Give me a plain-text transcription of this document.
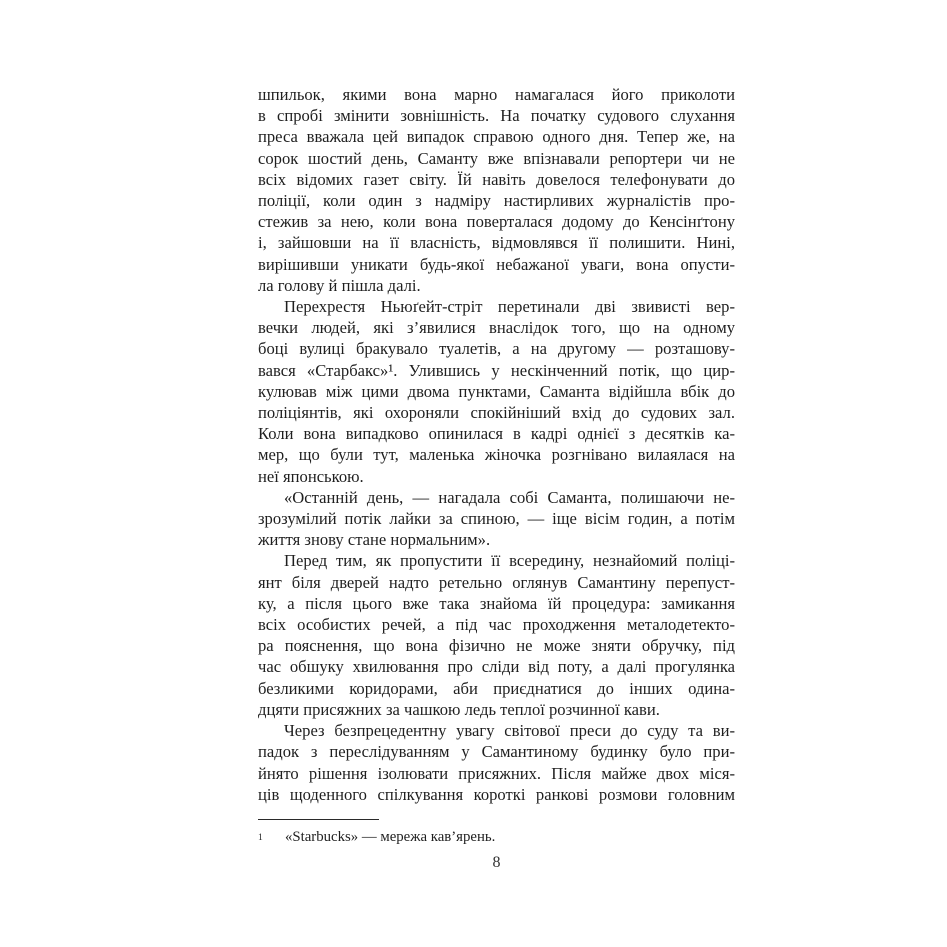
шпильок, якими вона марно намагалася його приколоти
в спробі змінити зовнішність. На початку судового слухання
преса вважала цей випадок справою одного дня. Тепер же, на
сорок шостий день, Саманту вже впізнавали репортери чи не
всіх відомих газет світу. Їй навіть довелося телефонувати до
поліції, коли один з надміру настирливих журналістів про-
стежив за нею, коли вона поверталася додому до Кенсінґтону
і, зайшовши на її власність, відмовлявся її полишити. Нині,
вирішивши уникати будь-якої небажаної уваги, вона опусти-
ла голову й пішла далі.
Перехрестя Ньюґейт-стріт перетинали дві звивисті вер-
вечки людей, які з’явилися внаслідок того, що на одному
боці вулиці бракувало туалетів, а на другому — розташову-
вався «Старбакс»¹. Улившись у нескінченний потік, що цир-
кулював між цими двома пунктами, Саманта відійшла вбік до
поліціянтів, які охороняли спокійніший вхід до судових зал.
Коли вона випадково опинилася в кадрі однієї з десятків ка-
мер, що були тут, маленька жіночка розгнівано вилаялася на
неї японською.
«Останній день, — нагадала собі Саманта, полишаючи не-
зрозумілий потік лайки за спиною, — іще вісім годин, а потім
життя знову стане нормальним».
Перед тим, як пропустити її всередину, незнайомий поліці-
янт біля дверей надто ретельно оглянув Самантину перепуст-
ку, а після цього вже така знайома їй процедура: замикання
всіх особистих речей, а під час проходження металодетекто-
ра пояснення, що вона фізично не може зняти обручку, під
час обшуку хвилювання про сліди від поту, а далі прогулянка
безликими коридорами, аби приєднатися до інших одина-
дцяти присяжних за чашкою ледь теплої розчинної кави.
Через безпрецедентну увагу світової преси до суду та ви-
падок з переслідуванням у Самантиному будинку було при-
йнято рішення ізолювати присяжних. Після майже двох міся-
ців щоденного спілкування короткі ранкові розмови головним
1 «Starbucks» — мережа кав’ярень.
8
